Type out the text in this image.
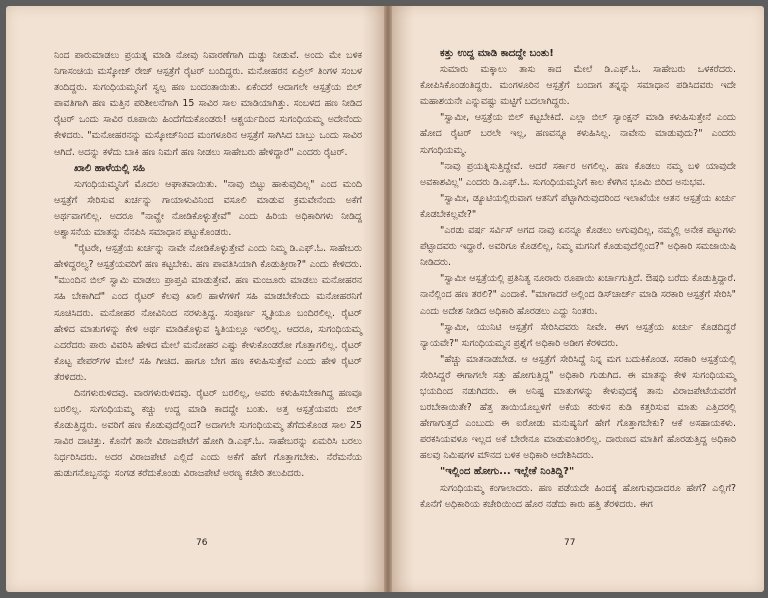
ನಿಂದ ಪಾರುಮಾಡಲು ಪ್ರಯತ್ನ ಮಾಡಿ ನೋವು ನಿವಾರಣೆಗಾಗಿ ದುಡ್ಡು ನೀಡುವೆ. ಅಂದು ಮೇ ಬಳಿಕ ನಿಗಾಸಂಚಿಯ ಮಸ್ಕೋಜ್ ರೇಜ್ ಆಸ್ಪತ್ರೆಗೆ ರೈಟರ್ ಬಂದಿದ್ದರು. ಮನೋಹರನ ಏಪ್ರಿಲ್ ತಿಂಗಳ ಸಂಬಳ ತಂದಿದ್ದರು. ಸುಗಂಧಿಯಮ್ಮನಿಗೆ ಸ್ವಲ್ಪ ಹಣ ಬಂದಂತಾಯಿತು. ಏಕೆಂದರೆ ಆದಾಗಲೇ ಆಸ್ಪತ್ರೆಯ ಬಿಲ್ ಪಾವತಿಗಾಗಿ ಹಣ ಮತ್ತಿನ ಪರಿಶೀಲನೆಗಾಗಿ 15 ಸಾವಿರ ಸಾಲ ಮಾಡಿಯಾಗಿತ್ತು. ಸಂಬಳದ ಹಣ ನೀಡಿದ ರೈಟರ್ ಒಂದು ಸಾವಿರ ರೂಪಾಯಿ ಹಿಂದೆಗೆದುಕೊಂಡರು! ಆಶ್ಚರ್ಯದಿಂದ ಸುಗಂಧಿಯಮ್ಮ ಅದೇನೆಂದು ಕೇಳಿದರು. "ಮನೋಹರನನ್ನು ಮಸ್ಕೋಜ್‌ನಿಂದ ಮಂಗಳೂರಿನ ಆಸ್ಪತ್ರೆಗೆ ಸಾಗಿಸಿದ ಬಾಬ್ತು ಒಂದು ಸಾವಿರ ಆಗಿದೆ. ಅದನ್ನು ಕಳೆದು ಬಾಕಿ ಹಣ ನಿಮಗೆ ಹಣ ನೀಡಲು ಸಾಹೇಬರು ಹೇಳಿದ್ದಾರೆ" ಎಂದರು ರೈಟರ್.

ಖಾಲಿ ಹಾಳೆಯಲ್ಲಿ ಸಹಿ

ಸುಗಂಧಿಯಮ್ಮನಿಗೆ ಮೊದಲ ಆಘಾತವಾಯಿತು. "ನಾವು ಬಿಟ್ಟು ಹಾಕುವುದಿಲ್ಲ" ಎಂದ ಮಂದಿ ಆಸ್ಪತ್ರೆಗೆ ಸೇರಿಸುವ ಖರ್ಚನ್ನು ಗಾಯಾಳುವಿನಿಂದ ವಸೂಲಿ ಮಾಡುವ ಕ್ರಮವೇನೆಂದು ಅಕೆಗೆ ಅರ್ಥವಾಗಲಿಲ್ಲ. ಅದರೂ "ನಾವ್ಹೇ ನೋಡಿಕೊಳ್ಳುತ್ತೇವೆ" ಎಂದು ಹಿರಿಯ ಅಧಿಕಾರಿಗಳು ನೀಡಿದ್ದ ಅಶ್ವಾಸನೆಯ ಮಾತನ್ನು ನೆನಪಿಸಿ ಸಮಾಧಾನ ಪಟ್ಟುಕೊಂಡರು.

"ರೈಟರೇ, ಆಸ್ಪತ್ರೆಯ ಖರ್ಚನ್ನು ನಾವೇ ನೋಡಿಕೊಳ್ಳುತ್ತೇವೆ ಎಂದು ನಿಮ್ಮ ಡಿ.ಎಫ್.ಓ. ಸಾಹೇಬರು ಹೇಳಿದ್ದರಲ್ವ? ಆಸ್ಪತ್ರೆಯವರಿಗೆ ಹಣ ಕಟ್ಟಬೇಕು. ಹಣ ಪಾವತಿಸಿಯಾಗಿ ಕೊಡುತ್ತೀರಾ?" ಎಂದು ಕೇಳಿದರು. "ಮುಂದಿನ ಬಿಲ್ ಸ್ವಾಮಿ ಮಾಡಲು ಪ್ರಾಪ್ತವಿ ಮಾಡುತ್ತೇವೆ. ಹಣ ಮಂಜೂರು ಮಾಡಲು ಮನೋಹರನ ಸಹಿ ಬೇಕಾಗಿದೆ" ಎಂದ ರೈಟರ್ ಕೆಲವು ಖಾಲಿ ಹಾಳೆಗಳಿಗೆ ಸಹಿ ಮಾಡಬೇಕೆಂದು ಮನೋಹರನಿಗೆ ಸೂಚಿಸಿದರು. ಮನೋಹರ ನೋವಿನಿಂದ ನರಳುತ್ತಿದ್ದ. ಸಂಪೂರ್ಣ ಸ್ಮೃತಿಯೂ ಬಂದಿರಲಿಲ್ಲ. ರೈಟರ್ ಹೇಳಿದ ಮಾತುಗಳನ್ನು ಕೇಳಿ ಅರ್ಥ ಮಾಡಿಕೊಳ್ಳುವ ಸ್ಥಿತಿಯಲ್ಲೂ ಇರಲಿಲ್ಲ. ಆದರೂ, ಸುಗಂಧಿಯಮ್ಮ ಎದರೆದರು ಪಾರು ವಿವರಿಸಿ ಹೇಳಿದ ಮೇಲೆ ಮನೋಹರ ಎಷ್ಟು ಕೇಳುಕೊಂಡರೋ ಗೊತ್ತಾಗಲಿಲ್ಲ. ರೈಟರ್ ಕೊಟ್ಟ ಪೇಪರ್‌ಗಳ ಮೇಲೆ ಸಹಿ ಗೀಚಿದ. ಹಾಗೂ ಬೇಗ ಹಣ ಕಳುಹಿಸುತ್ತೇವೆ ಎಂದು ಹೇಳಿ ರೈಟರ್ ತೆರಳಿದರು.

ದಿನಗಳುರುಳಿದವು. ವಾರಗಳುರುಳಿದವು. ರೈಟರ್ ಬರಲಿಲ್ಲ, ಅವರು ಕಳುಹಿಸಬೇಕಾಗಿದ್ದ ಹಣವೂ ಬರಲಿಲ್ಲ. ಸುಗಂಧಿಯಮ್ಮ ಕಚ್ಚು ಉದ್ದ ಮಾಡಿ ಕಾದದ್ದೇ ಬಂತು. ಅತ್ತ ಆಸ್ಪತ್ರೆಯವರು ಬಿಲ್ ಕೊಡುತ್ತಿದ್ದರು. ಅವರಿಗೆ ಹಣ ಕೊಡುವುದೆಲ್ಲಿಂದ? ಅದಾಗಲೇ ಸುಗಂಧಿಯಮ್ಮ ತೆಗೆದುಕೊಂಡ ಸಾಲ 25 ಸಾವಿರ ದಾಟಿತ್ತು. ಕೊನೆಗೆ ತಾನೇ ವಿರಾಜಪೇಟೆಗೆ ಹೋಗಿ ಡಿ.ಎಫ್.ಓ. ಸಾಹೇಬರನ್ನು ಏಮರಿಸಿ ಬರಲು ನಿರ್ಧರಿಸಿದರು. ಅದರ ವಿರಾಜಪೇಟೆ ಎಲ್ಲಿದೆ ಎಂದು ಅಕೆಗೆ ಹೇಗೆ ಗೊತ್ತಾಗಬೇಕು. ನೆರೆಮನೆಯ ಹುಡುಗನೊಬ್ಬನನ್ನು ಸಂಗಡ ಕರೆದುಕೊಂಡು ವಿರಾಜಪೇಟೆ ಅರಣ್ಯ ಕಚೇರಿ ತಲುಪಿದರು.

76

ಕತ್ತು ಉದ್ದ ಮಾಡಿ ಕಾದದ್ದೇ ಬಂತು!

ಸುಮಾರು ಮಕ್ಕಾಲು ತಾಸು ಕಾದ ಮೇಲೆ ಡಿ.ಎಫ್.ಓ. ಸಾಹೇಬರು ಒಳಕರೆದರು. ಕೋಪಿಸಿಕೊಂಡಂತಿದ್ದರು. ಮಂಗಳೂರಿನ ಆಸ್ಪತ್ರೆಗೆ ಬಂದಾಗ ತನ್ನನ್ನು ಸಮಾಧಾನ ಪಡಿಸಿದವರು ಇದೇ ಮಹಾಶಯನೇ ಎನ್ನುವಷ್ಟು ಮಟ್ಟಿಗೆ ಬದಲಾಗಿದ್ದರು.

"ಸ್ವಾಮೀ, ಆಸ್ಪತ್ರೆಯ ಬಿಲ್ ಕಟ್ಟಬೇಕಿದೆ. ಎಲ್ಲಾ ಬಿಲ್ ಸ್ಯಾಂಕ್ಷನ್ ಮಾಡಿ ಕಳುಹಿಸುತ್ತೇನೆ ಎಂದು ಹೋದ ರೈಟರ್ ಬರಲೇ ಇಲ್ಲ, ಹಣವನ್ನೂ ಕಳುಹಿಸಿಲ್ಲ. ನಾವೇನು ಮಾಡುವುದು?" ಎಂದರು ಸುಗಂಧಿಯಮ್ಮ.

"ನಾವು ಪ್ರಯತ್ನಿಸುತ್ತಿದ್ದೇವೆ. ಆದರೆ ಸರ್ಕಾರ ಅಗಲಿಲ್ಲ. ಹಣ ಕೊಡಲು ನಮ್ಮ ಬಳಿ ಯಾವುದೇ ಅವಕಾಶವಿಲ್ಲ" ಎಂದರು ಡಿ.ಎಫ್.ಓ. ಸುಗಂಧಿಯಮ್ಮನಿಗೆ ಕಾಲ ಕೆಳಗಿನ ಭೂಮಿ ಬಿರಿದ ಅನುಭವ.

"ಸ್ವಾಮೀ, ಡ್ಯೂಟಿಯಲ್ಲಿರುವಾಗ ಆತನಿಗೆ ಪೆಟ್ಟಾಗಿರುವುದರಿಂದ ಇಲಾಖೆಯೇ ಆತನ ಆಸ್ಪತ್ರೆಯ ಖರ್ಚು ಕೊಡಬೇಕಲ್ಲವೇ?"

"ಎರಡು ವರ್ಷ ಸರ್ವಿಸ್ ಅಗದ ನಾವು ಏನನ್ನೂ ಕೊಡಲು ಅಗುವುದಿಲ್ಲ, ನಮ್ಮಲ್ಲಿ ಅನೇಕ ಪಟ್ಟುಗಳು ಪೆಟ್ಟಾದವರು ಇದ್ದಾರೆ. ಅವರಿಗೂ ಕೊಡಲಿಲ್ಲ, ನಿಮ್ಮ ಮಗನಿಗೆ ಕೊಡುವುದೆಲ್ಲಿಂದ?" ಅಧಿಕಾರಿ ಸಮಜಾಯಿಷಿ ನೀಡಿದರು.

"ಸ್ವಾಮೀ ಆಸ್ಪತ್ರೆಯಲ್ಲಿ ಪ್ರತಿನಿತ್ಯ ನೂರಾರು ರೂಪಾಯಿ ಖರ್ಚಾಗುತ್ತಿದೆ. ಔಷಧಿ ಬರೆದು ಕೊಡುತ್ತಿದ್ದಾರೆ. ನಾನೆಲ್ಲಿಂದ ಹಣ ತರಲಿ?" ಎಂದಾಕೆ. "ಮಾಗಾದರೆ ಅಲ್ಲಿಂದ ಡಿಸ್‌ಚಾರ್ಜ್ ಮಾಡಿ ಸರಕಾರಿ ಆಸ್ಪತ್ರೆಗೆ ಸೇರಿಸಿ" ಎಂದು ಅದೇಶ ನೀಡಿದ ಅಧಿಕಾರಿ ಹೊರಡಲು ಎದ್ದು ನಿಂತರು.

"ಸ್ವಾಮೀ, ಯುನಿಟಿ ಆಸ್ಪತ್ರೆಗೆ ಸೇರಿಸಿದವರು ನೀವೇ. ಈಗ ಆಸ್ಪತ್ರೆಯ ಖರ್ಚು ಕೊಡದಿದ್ದರೆ ನ್ಯಾಯವೇ?" ಸುಗಂಧಿಯಮ್ಮನ ಪ್ರಶ್ನೆಗೆ ಅಧಿಕಾರಿ ಅಡೀಗ ಕೆರಳಿದರು.

"ಹೆಚ್ಚು ಮಾತನಾಡಬೇಡ. ಆ ಆಸ್ಪತ್ರೆಗೆ ಸೇರಿಸಿದ್ದೆ ನಿನ್ನ ಮಗ ಬದುಕಿಕೊಂಡ. ಸರಕಾರಿ ಆಸ್ಪತ್ರೆಯಲ್ಲಿ ಸೇರಿಸಿದ್ದರೆ ಈಗಾಗಲೇ ಸತ್ತು ಹೋಗುತ್ತಿದ್ದ" ಅಧಿಕಾರಿ ಗುಡುಗಿದ. ಈ ಮಾತನ್ನು ಕೇಳಿ ಸುಗಂಧಿಯಮ್ಮ ಭಯದಿಂದ ನಡುಗಿದರು. ಈ ಅನಿಷ್ಟ ಮಾತುಗಳನ್ನು ಕೇಳುವುದಕ್ಕೆ ತಾನು ವಿರಾಜಪೇಟೆಯವರೆಗೆ ಬರಬೇಕಾಯಿತೇ? ಹೆತ್ತ ತಾಯಿಯೊಬ್ಬಳಿಗೆ ಅಕೆಯ ಕರುಳಿನ ಕುಡಿ ಕತ್ತರಿಸುವ ಮಾತು ಎತ್ತಿದರಲ್ಲಿ ಹೇಗಾಗುತ್ತದೆ ಎಂಬುದು ಈ ಐರೋಡು ಮನುಷ್ಯನಿಗೆ ಹೇಗೆ ಗೊತ್ತಾಗಬೇಕು? ಆಕೆ ಅಸಹಾಯಕಳು. ಪರಕಸಿಯವಳೂ ಇಲ್ಲದ ಅಕೆ ಬೇರೇನೂ ಮಾಡುವಂತಿರಲಿಲ್ಲ. ದಾರುಣದ ಮಾತಿಗೆ ಹೊರಡುತ್ತಿದ್ದ ಅಧಿಕಾರಿ ಹಲವು ನಿಮಿಷಗಳ ಮೌನದ ಬಳಿಕ ಅಧಿಕಾರಿ ಆದೇಶಿಸಿದರು.

"ಇಲ್ಲಿಂದ ಹೋಗು... ಇಲ್ಲೇಕೆ ನಿಂತಿದ್ದಿ?"

ಸುಗಂಧಿಯಮ್ಮ ಕಂಗಾಲಾದರು. ಹಣ ಪಡೆಯದೇ ಹಿಂದಕ್ಕೆ ಹೋಗುವುದಾದರೂ ಹೇಗೆ? ಎಲ್ಲಿಗೆ? ಕೊನೆಗೆ ಅಧಿಕಾರಿಯ ಕಚೇರಿಯಿಂದ ಹೊರ ನಡೆದು ಕಾರು ಹತ್ತಿ ತೆರಳಿದರು. ಈಗ

77
